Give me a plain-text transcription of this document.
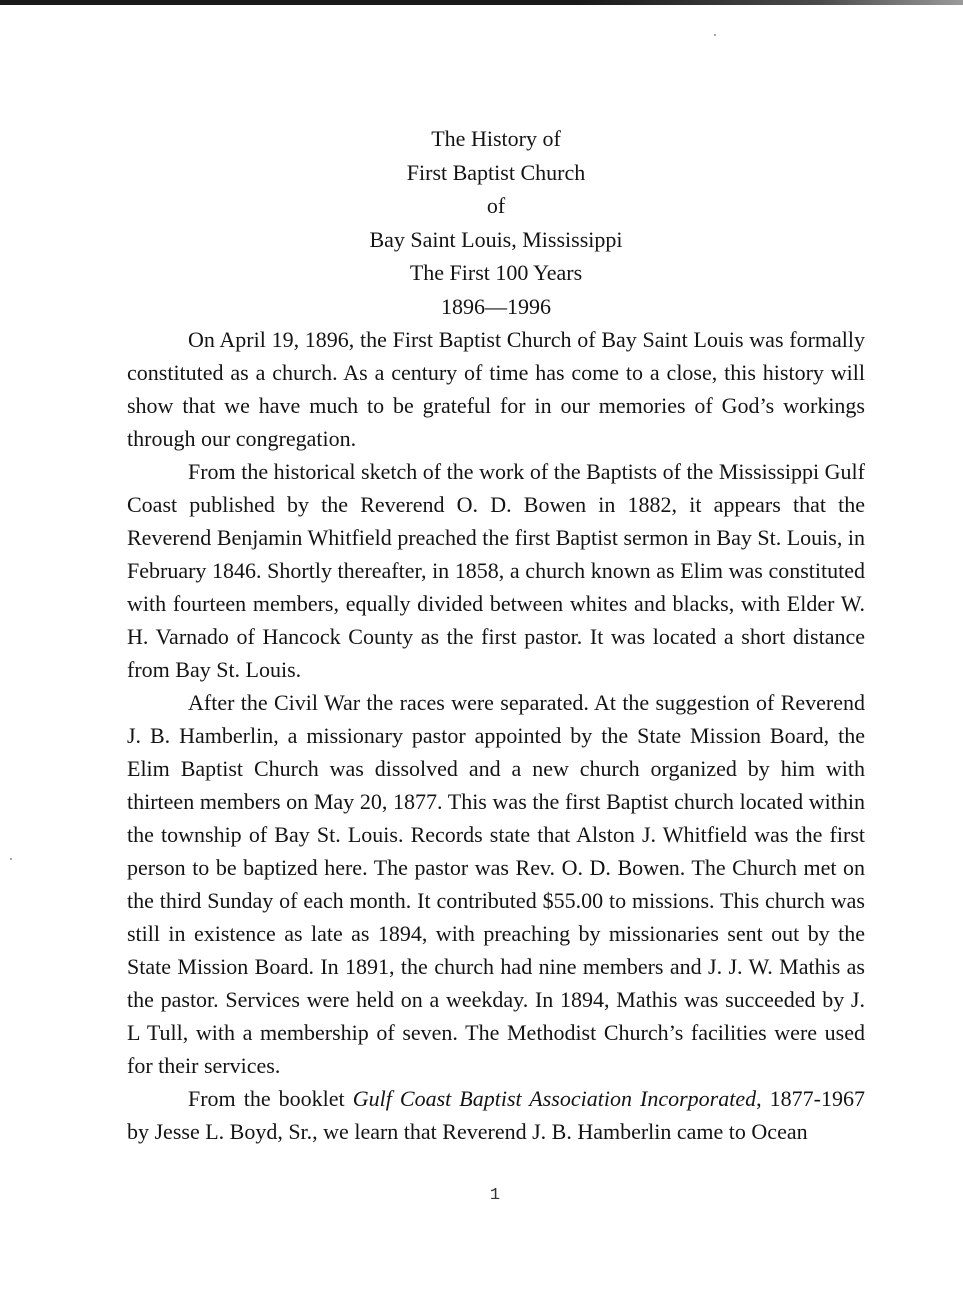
The History of
First Baptist Church
of
Bay Saint Louis, Mississippi
The First 100 Years
1896—1996

On April 19, 1896, the First Baptist Church of Bay Saint Louis was formally constituted as a church. As a century of time has come to a close, this history will show that we have much to be grateful for in our memories of God’s workings through our congregation.

From the historical sketch of the work of the Baptists of the Mississippi Gulf Coast published by the Reverend O. D. Bowen in 1882, it appears that the Reverend Benjamin Whitfield preached the first Baptist sermon in Bay St. Louis, in February 1846. Shortly thereafter, in 1858, a church known as Elim was constituted with fourteen members, equally divided between whites and blacks, with Elder W. H. Varnado of Hancock County as the first pastor. It was located a short distance from Bay St. Louis.

After the Civil War the races were separated. At the suggestion of Reverend J. B. Hamberlin, a missionary pastor appointed by the State Mission Board, the Elim Baptist Church was dissolved and a new church organized by him with thirteen members on May 20, 1877. This was the first Baptist church located within the township of Bay St. Louis. Records state that Alston J. Whitfield was the first person to be baptized here. The pastor was Rev. O. D. Bowen. The Church met on the third Sunday of each month. It contributed $55.00 to missions. This church was still in existence as late as 1894, with preaching by missionaries sent out by the State Mission Board. In 1891, the church had nine members and J. J. W. Mathis as the pastor. Services were held on a weekday. In 1894, Mathis was succeeded by J. L Tull, with a membership of seven. The Methodist Church’s facilities were used for their services.

From the booklet Gulf Coast Baptist Association Incorporated, 1877-1967 by Jesse L. Boyd, Sr., we learn that Reverend J. B. Hamberlin came to Ocean

1
